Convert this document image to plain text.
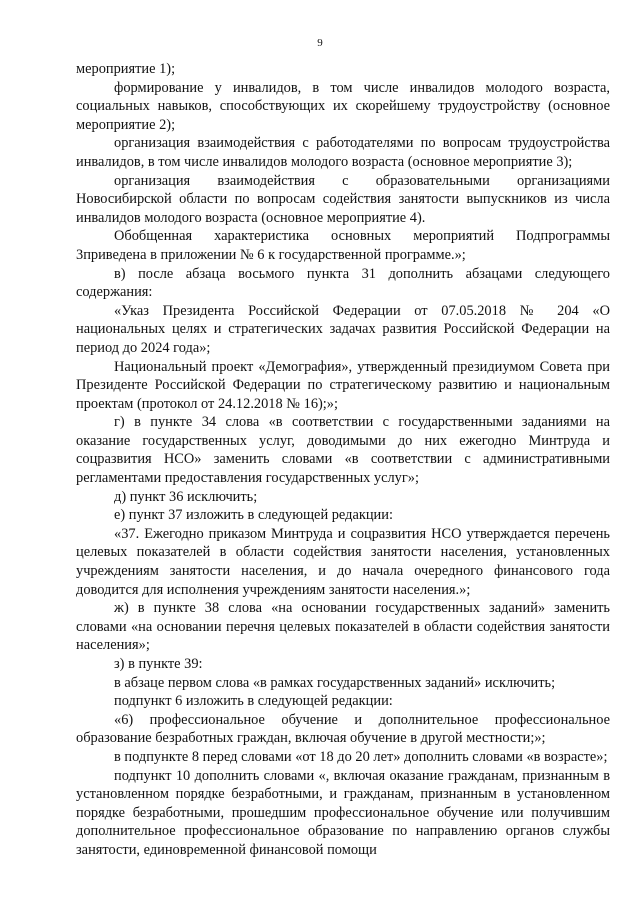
9

мероприятие 1);

формирование у инвалидов, в том числе инвалидов молодого возраста, социальных навыков, способствующих их скорейшему трудоустройству (основное мероприятие 2);

организация взаимодействия с работодателями по вопросам трудоустройства инвалидов, в том числе инвалидов молодого возраста (основное мероприятие 3);

организация взаимодействия с образовательными организациями Новосибирской области по вопросам содействия занятости выпускников из числа инвалидов молодого возраста (основное мероприятие 4).

Обобщенная характеристика основных мероприятий Подпрограммы 3приведена в приложении № 6 к государственной программе.»;

в) после абзаца восьмого пункта 31 дополнить абзацами следующего содержания:

«Указ Президента Российской Федерации от 07.05.2018 № 204 «О национальных целях и стратегических задачах развития Российской Федерации на период до 2024 года»;

Национальный проект «Демография», утвержденный президиумом Совета при Президенте Российской Федерации по стратегическому развитию и национальным проектам (протокол от 24.12.2018 № 16);»;

г) в пункте 34 слова «в соответствии с государственными заданиями на оказание государственных услуг, доводимыми до них ежегодно Минтруда и соцразвития НСО» заменить словами «в соответствии с административными регламентами предоставления государственных услуг»;

д) пункт 36 исключить;

е) пункт 37 изложить в следующей редакции:

«37. Ежегодно приказом Минтруда и соцразвития НСО утверждается перечень целевых показателей в области содействия занятости населения, установленных учреждениям занятости населения, и до начала очередного финансового года доводится для исполнения учреждениям занятости населения.»;

ж) в пункте 38 слова «на основании государственных заданий» заменить словами «на основании перечня целевых показателей в области содействия занятости населения»;

з) в пункте 39:

в абзаце первом слова «в рамках государственных заданий» исключить;

подпункт 6 изложить в следующей редакции:

«6) профессиональное обучение и дополнительное профессиональное образование безработных граждан, включая обучение в другой местности;»;

в подпункте 8 перед словами «от 18 до 20 лет» дополнить словами «в возрасте»;

подпункт 10 дополнить словами «, включая оказание гражданам, признанным в установленном порядке безработными, и гражданам, признанным в установленном порядке безработными, прошедшим профессиональное обучение или получившим дополнительное профессиональное образование по направлению органов службы занятости, единовременной финансовой помощи
